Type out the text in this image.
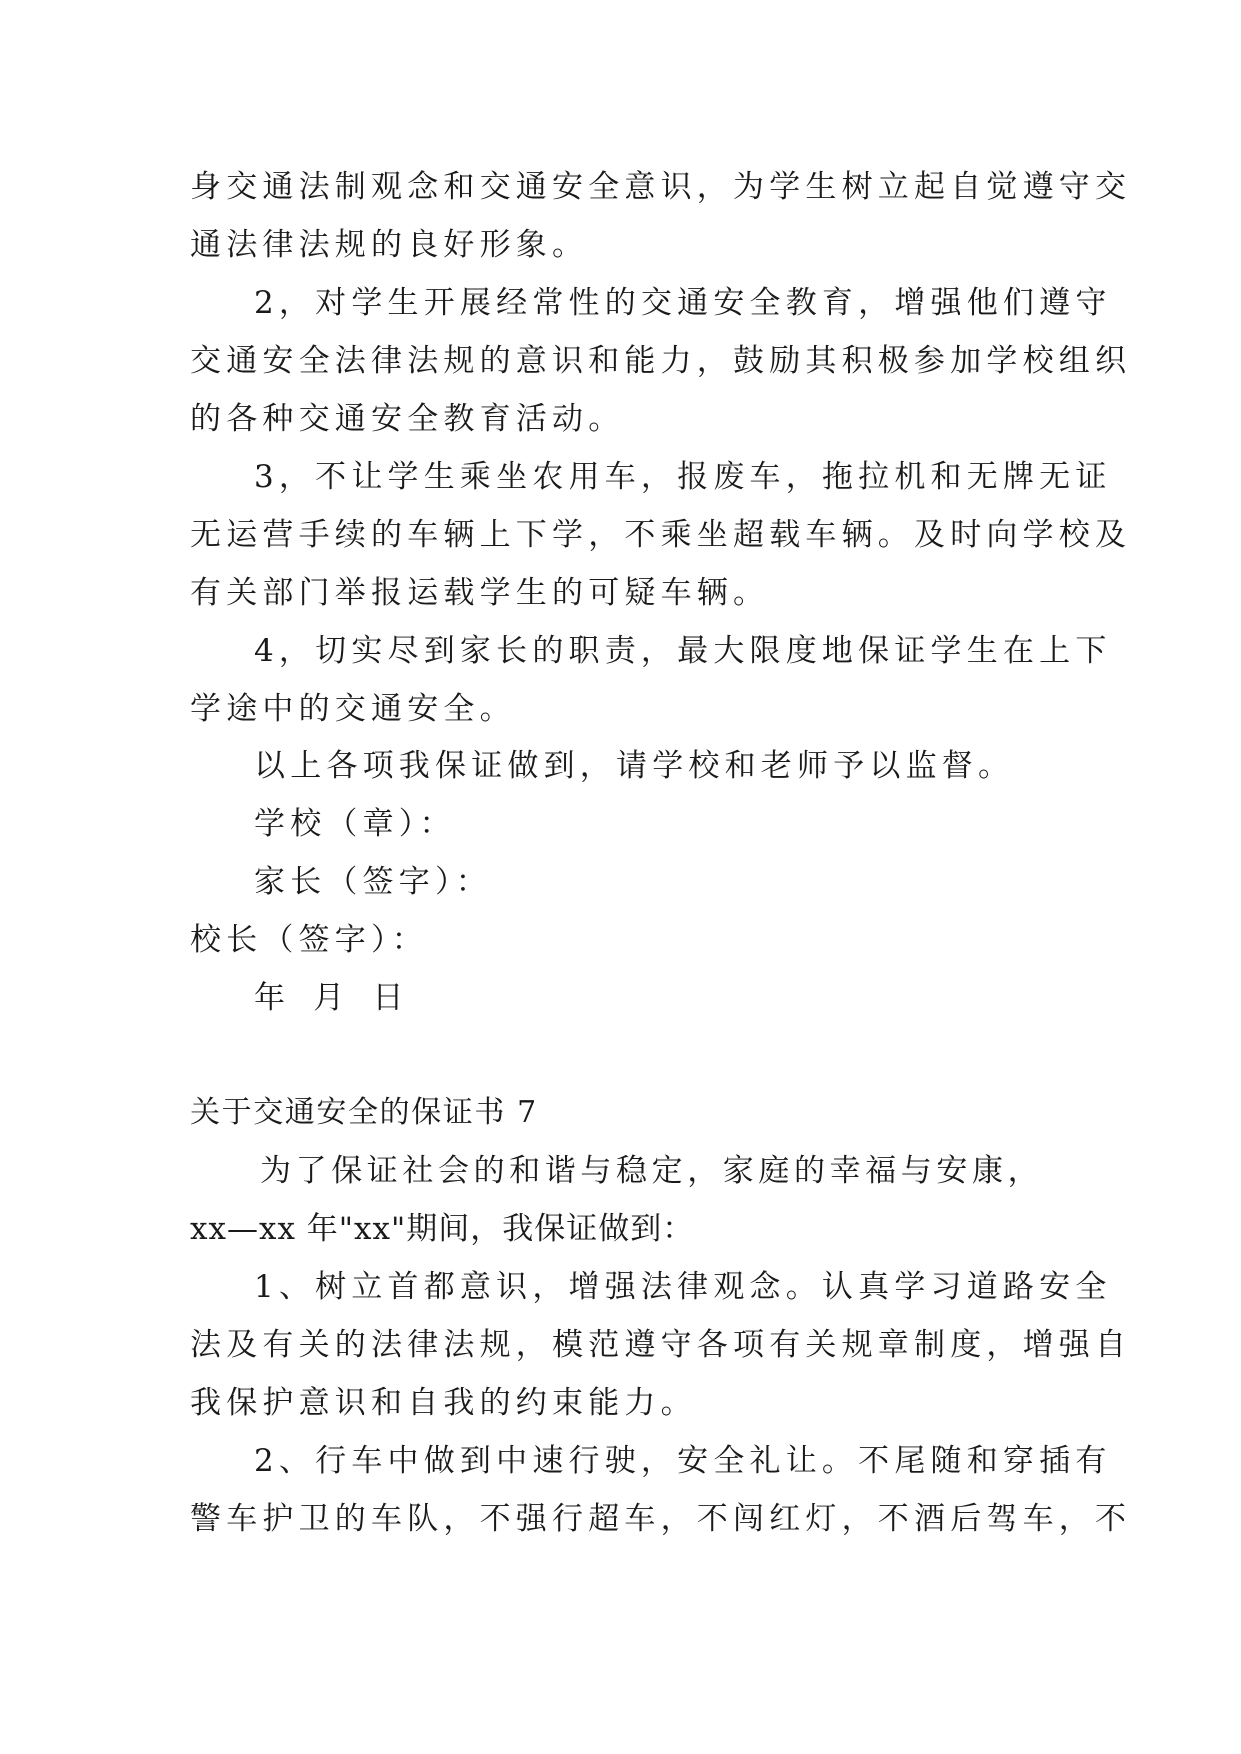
身交通法制观念和交通安全意识，为学生树立起自觉遵守交
通法律法规的良好形象。
2，对学生开展经常性的交通安全教育，增强他们遵守
交通安全法律法规的意识和能力，鼓励其积极参加学校组织
的各种交通安全教育活动。
3，不让学生乘坐农用车，报废车，拖拉机和无牌无证
无运营手续的车辆上下学，不乘坐超载车辆。及时向学校及
有关部门举报运载学生的可疑车辆。
4，切实尽到家长的职责，最大限度地保证学生在上下
学途中的交通安全。
以上各项我保证做到，请学校和老师予以监督。
学校（章）：
家长（签字）：
校长（签字）：
年 月 日
关于交通安全的保证书 7
为了保证社会的和谐与稳定，家庭的幸福与安康，
xx—xx 年"xx"期间，我保证做到：
1、树立首都意识，增强法律观念。认真学习道路安全
法及有关的法律法规，模范遵守各项有关规章制度，增强自
我保护意识和自我的约束能力。
2、行车中做到中速行驶，安全礼让。不尾随和穿插有
警车护卫的车队，不强行超车，不闯红灯，不酒后驾车，不
